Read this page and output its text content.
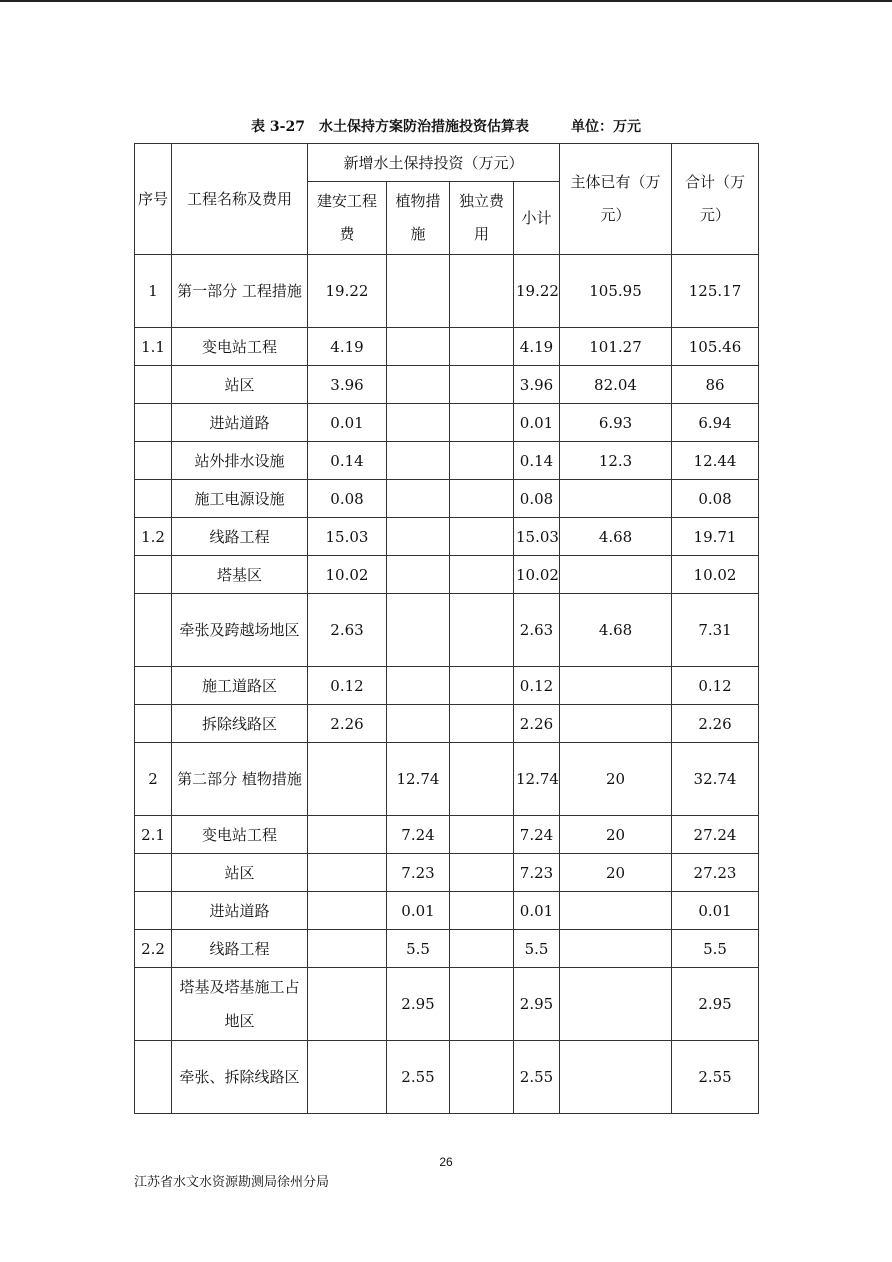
表 3-27　水土保持方案防治措施投资估算表	单位：万元
序号	工程名称及费用	新增水土保持投资（万元）				主体已有（万元）	合计（万元）
		建安工程费	植物措施	独立费用	小计		
1	第一部分 工程措施	19.22			19.22	105.95	125.17
1.1	变电站工程	4.19			4.19	101.27	105.46
	站区	3.96			3.96	82.04	86
	进站道路	0.01			0.01	6.93	6.94
	站外排水设施	0.14			0.14	12.3	12.44
	施工电源设施	0.08			0.08		0.08
1.2	线路工程	15.03			15.03	4.68	19.71
	塔基区	10.02			10.02		10.02
	牵张及跨越场地区	2.63			2.63	4.68	7.31
	施工道路区	0.12			0.12		0.12
	拆除线路区	2.26			2.26		2.26
2	第二部分 植物措施		12.74		12.74	20	32.74
2.1	变电站工程		7.24		7.24	20	27.24
	站区		7.23		7.23	20	27.23
	进站道路		0.01		0.01		0.01
2.2	线路工程		5.5		5.5		5.5
	塔基及塔基施工占地区		2.95		2.95		2.95
	牵张、拆除线路区		2.55		2.55		2.55
26
江苏省水文水资源勘测局徐州分局
